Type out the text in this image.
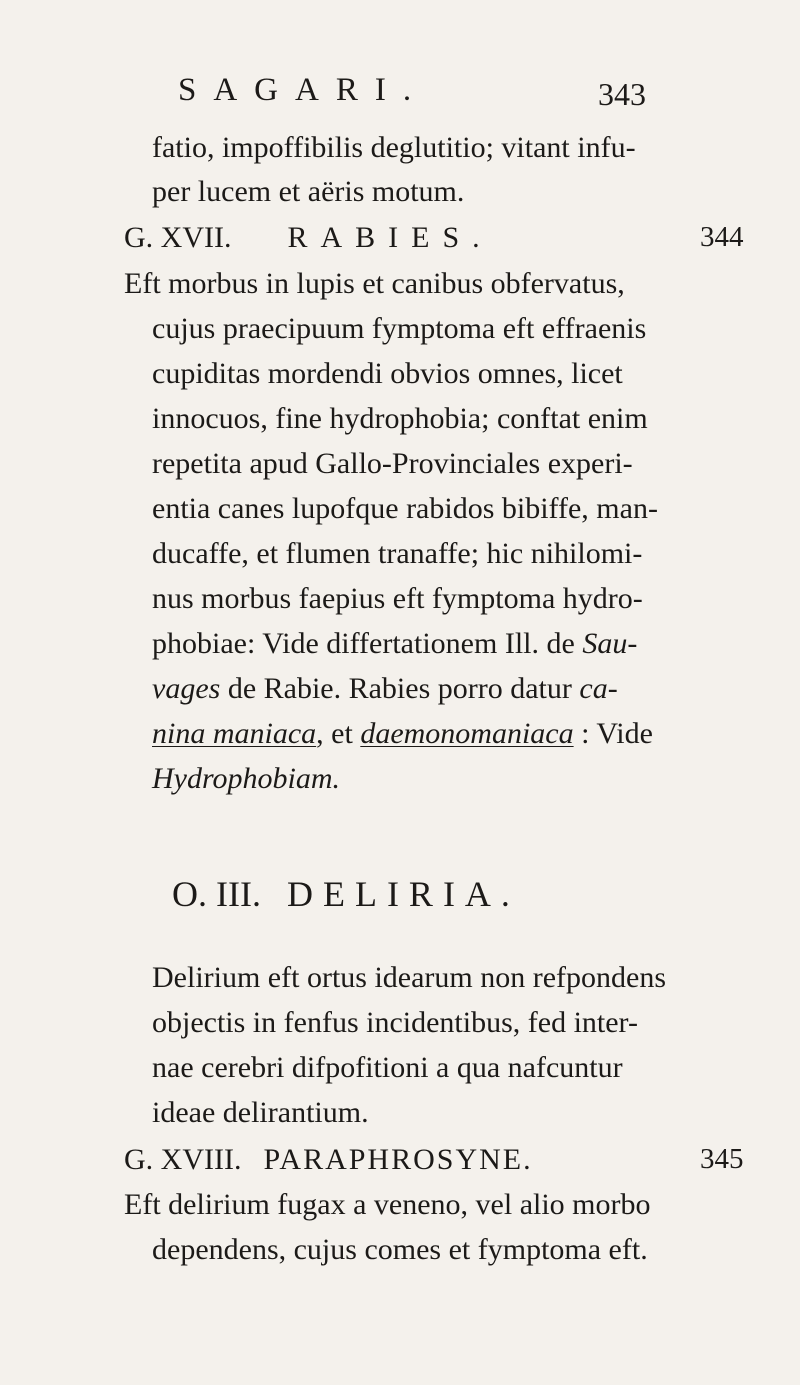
SAGARI.	343
fatio, impoffibilis deglutitio; vitant infu-
per lucem et aëris motum.
G. XVII. RABIES.	344
Eft morbus in lupis et canibus obfervatus,
cujus praecipuum fymptoma eft effraenis
cupiditas mordendi obvios omnes, licet
innocuos, fine hydrophobia; conftat enim
repetita apud Gallo-Provinciales experi-
entia canes lupofque rabidos bibiffe, man-
ducaffe, et flumen tranaffe; hic nihilomi-
nus morbus faepius eft fymptoma hydro-
phobiae: Vide differtationem Ill. de Sau-
vages de Rabie. Rabies porro datur ca-
nina maniaca, et daemonomaniaca : Vide
Hydrophobiam.
O. III. DELIRIA.
Delirium eft ortus idearum non refpondens
objectis in fenfus incidentibus, fed inter-
nae cerebri difpofitioni a qua nafcuntur
ideae delirantium.
G. XVIII. PARAPHROSYNE.	345
Eft delirium fugax a veneno, vel alio morbo
dependens, cujus comes et fymptoma eft.
